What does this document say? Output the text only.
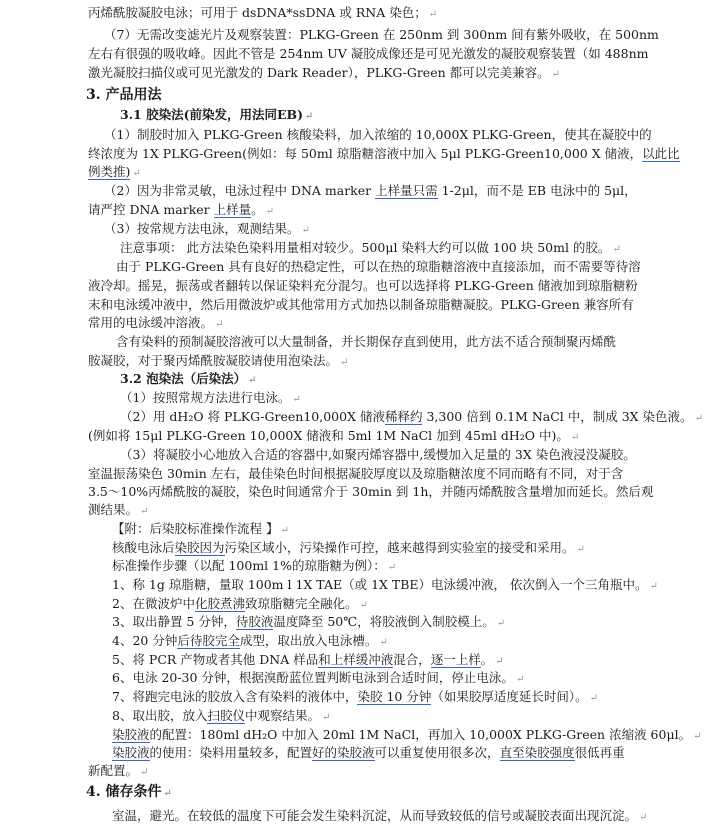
丙烯酰胺凝胶电泳；可用于 dsDNA*ssDNA 或 RNA 染色； ↵
（7）无需改变滤光片及观察装置：PLKG-Green 在 250nm 到 300nm 间有紫外吸收，在 500nm
左右有很强的吸收峰。因此不管是 254nm UV 凝胶成像还是可见光激发的凝胶观察装置（如 488nm
激光凝胶扫描仪或可见光激发的 Dark Reader），PLKG-Green 都可以完美兼容。 ↵
3. 产品用法
3.1 胶染法(前染发，用法同EB) ↵
（1）制胶时加入 PLKG-Green 核酸染料，加入浓缩的 10,000X PLKG-Green，使其在凝胶中的
终浓度为 1X PLKG-Green(例如：每 50ml 琼脂糖溶液中加入 5μl PLKG-Green10,000 X 储液，以此比
例类推) ↵
（2）因为非常灵敏，电泳过程中 DNA marker 上样量只需 1-2μl，而不是 EB 电泳中的 5μl，
请严控 DNA marker 上样量。 ↵
（3）按常规方法电泳，观测结果。 ↵
注意事项： 此方法染色染料用量相对较少。500μl 染料大约可以做 100 块 50ml 的胶。 ↵
由于 PLKG-Green 具有良好的热稳定性，可以在热的琼脂糖溶液中直接添加，而不需要等待溶
液冷却。摇晃，振荡或者翻转以保证染料充分混匀。也可以选择将 PLKG-Green 储液加到琼脂糖粉
末和电泳缓冲液中，然后用微波炉或其他常用方式加热以制备琼脂糖凝胶。PLKG-Green 兼容所有
常用的电泳缓冲溶液。 ↵
含有染料的预制凝胶溶液可以大量制备，并长期保存直到使用，此方法不适合预制聚丙烯酰
胺凝胶，对于聚丙烯酰胺凝胶请使用泡染法。 ↵
3.2 泡染法（后染法） ↵
（1）按照常规方法进行电泳。 ↵
（2）用 dH₂O 将 PLKG-Green10,000X 储液稀释约 3,300 倍到 0.1M NaCl 中，制成 3X 染色液。 ↵
(例如将 15μl PLKG-Green 10,000X 储液和 5ml 1M NaCl 加到 45ml dH₂O 中)。 ↵
（3）将凝胶小心地放入合适的容器中,如聚丙烯容器中,缓慢加入足量的 3X 染色液浸没凝胶。
室温振荡染色 30min 左右，最佳染色时间根据凝胶厚度以及琼脂糖浓度不同而略有不同，对于含
3.5～10%丙烯酰胺的凝胶，染色时间通常介于 30min 到 1h，并随丙烯酰胺含量增加而延长。然后观
测结果。 ↵
【附：后染胶标准操作流程 】 ↵
核酸电泳后染胶因为污染区域小，污染操作可控，越来越得到实验室的接受和采用。 ↵
标准操作步骤（以配 100ml 1%的琼脂糖为例）： ↵
1、称 1g 琼脂糖，量取 100m l 1X TAE（或 1X TBE）电泳缓冲液， 依次倒入一个三角瓶中。 ↵
2、在微波炉中化胶煮沸致琼脂糖完全融化。 ↵
3、取出静置 5 分钟，待胶液温度降至 50℃，将胶液倒入制胶模上。 ↵
4、20 分钟后待胶完全成型，取出放入电泳槽。 ↵
5、将 PCR 产物或者其他 DNA 样品和上样缓冲液混合，逐一上样。 ↵
6、电泳 20-30 分钟，根据溴酚蓝位置判断电泳到合适时间，停止电泳。 ↵
7、将跑完电泳的胶放入含有染料的液体中，染胶 10 分钟（如果胶厚适度延长时间）。 ↵
8、取出胶，放入扫胶仪中观察结果。 ↵
染胶液的配置：180ml dH₂O 中加入 20ml 1M NaCl，再加入 10,000X PLKG-Green 浓缩液 60μl。 ↵
染胶液的使用：染料用量较多，配置好的染胶液可以重复使用很多次，直至染胶强度很低再重
新配置。 ↵
4. 储存条件 ↵
室温，避光。在较低的温度下可能会发生染料沉淀，从而导致较低的信号或凝胶表面出现沉淀。 ↵
